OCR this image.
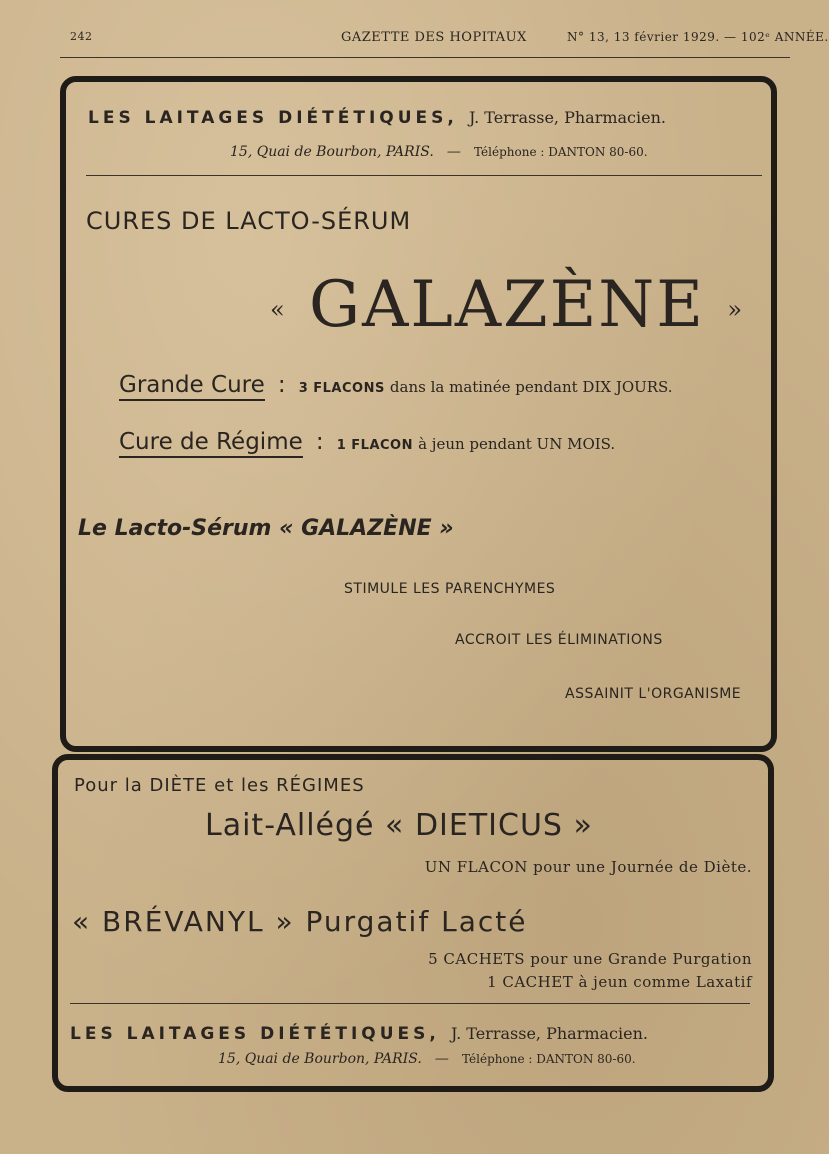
242	GAZETTE DES HOPITAUX	N° 13, 13 février 1929. — 102ᵉ ANNÉE.
LES LAITAGES DIÉTÉTIQUES, J. Terrasse, Pharmacien.
15, Quai de Bourbon, PARIS. — Téléphone : DANTON 80-60.
CURES DE LACTO-SÉRUM
« GALAZÈNE »
Grande Cure : 3 FLACONS dans la matinée pendant DIX JOURS.
Cure de Régime : 1 FLACON à jeun pendant UN MOIS.
Le Lacto-Sérum « GALAZÈNE »
STIMULE LES PARENCHYMES
ACCROIT LES ÉLIMINATIONS
ASSAINIT L'ORGANISME
Pour la DIÈTE et les RÉGIMES
Lait-Allégé « DIETICUS »
UN FLACON pour une Journée de Diète.
« BRÉVANYL » Purgatif Lacté
5 CACHETS pour une Grande Purgation
1 CACHET à jeun comme Laxatif
LES LAITAGES DIÉTÉTIQUES, J. Terrasse, Pharmacien.
15, Quai de Bourbon, PARIS. — Téléphone : DANTON 80-60.
